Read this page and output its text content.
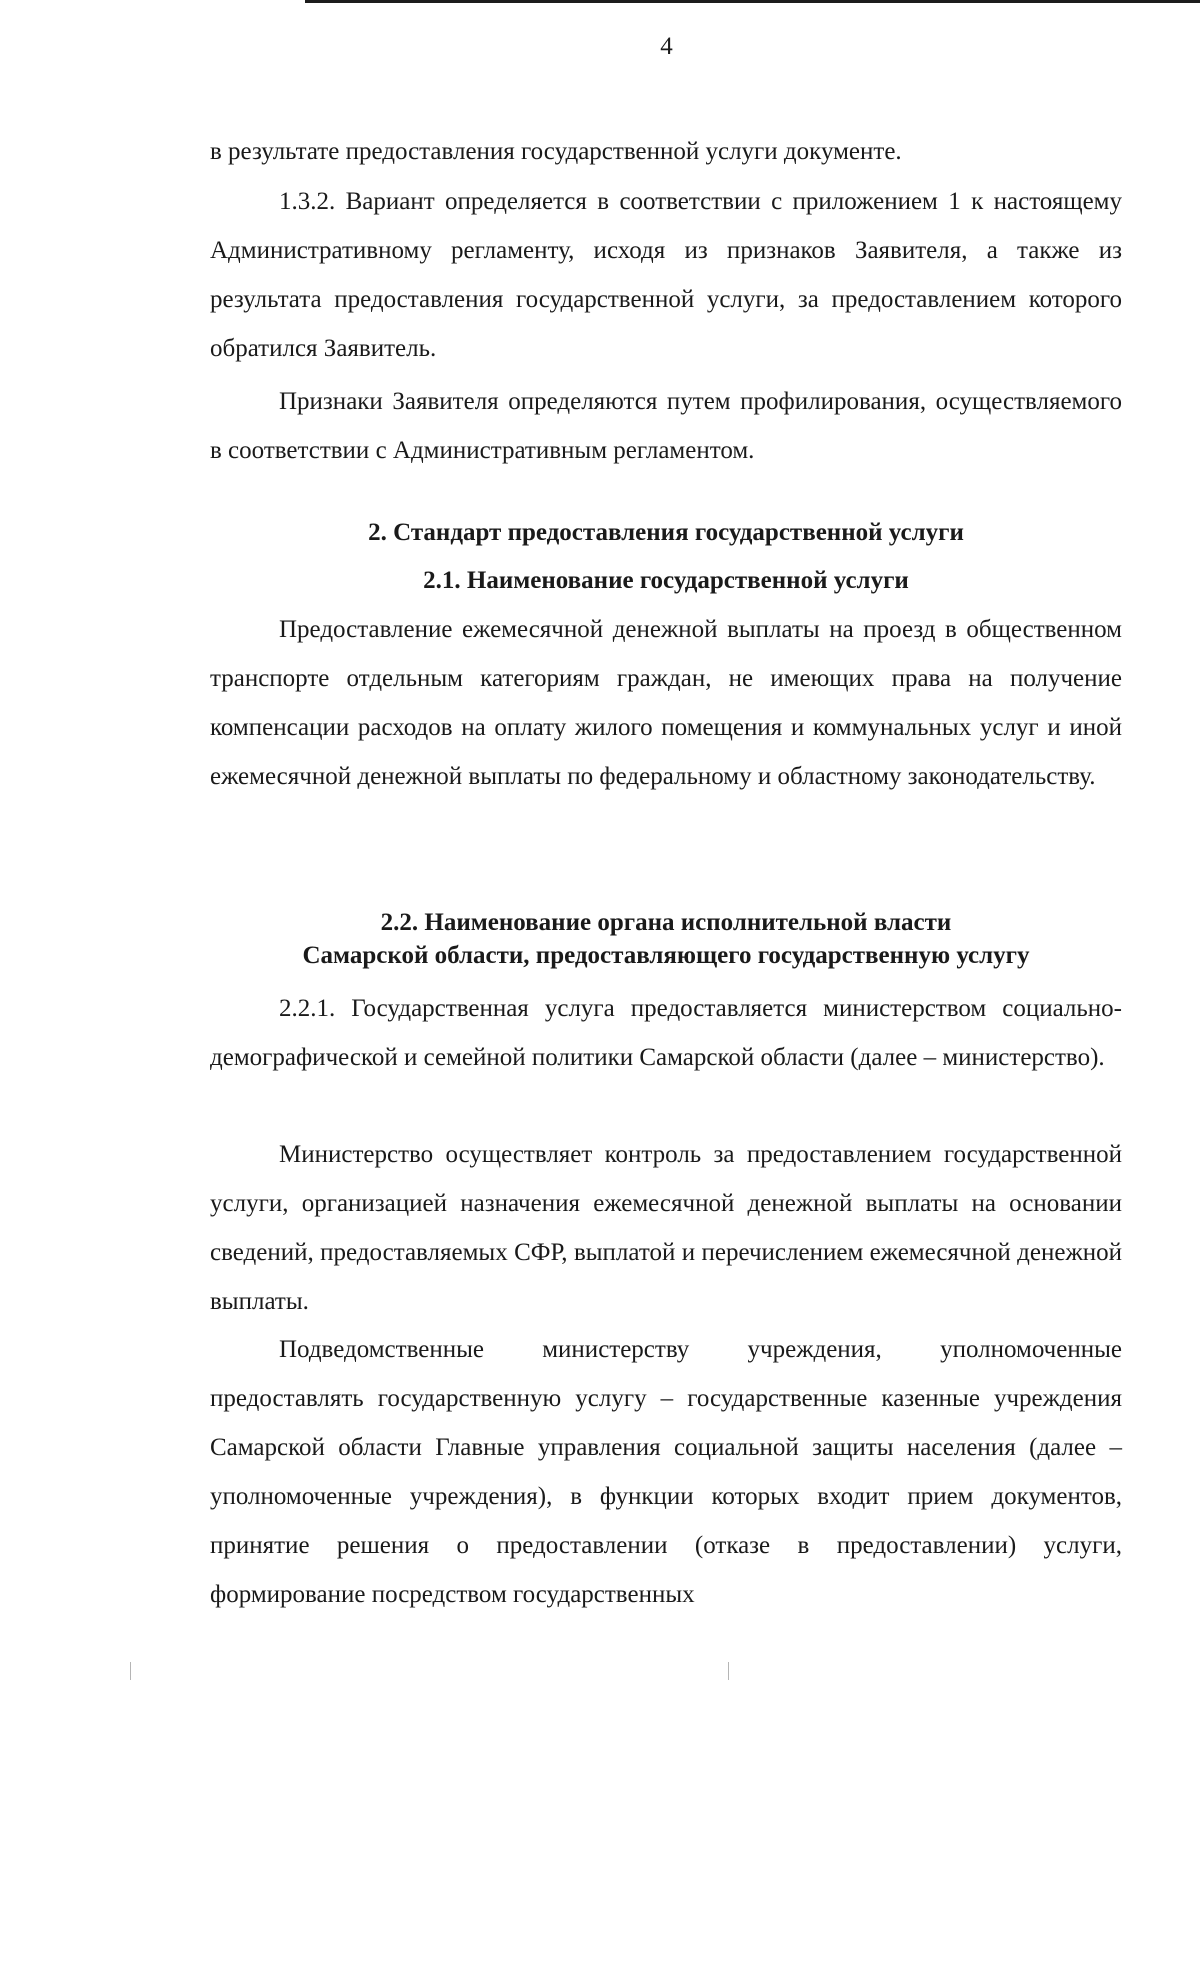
4

в результате предоставления государственной услуги документе.

1.3.2. Вариант определяется в соответствии с приложением 1 к настоящему Административному регламенту, исходя из признаков Заявителя, а также из результата предоставления государственной услуги, за предоставлением которого обратился Заявитель.

Признаки Заявителя определяются путем профилирования, осуществляемого в соответствии с Административным регламентом.

2. Стандарт предоставления государственной услуги
2.1. Наименование государственной услуги

Предоставление ежемесячной денежной выплаты на проезд в общественном транспорте отдельным категориям граждан, не имеющих права на получение компенсации расходов на оплату жилого помещения и коммунальных услуг и иной ежемесячной денежной выплаты по федеральному и областному законодательству.

2.2. Наименование органа исполнительной власти
Самарской области, предоставляющего государственную услугу

2.2.1. Государственная услуга предоставляется министерством социально-демографической и семейной политики Самарской области (далее – министерство).

Министерство осуществляет контроль за предоставлением государственной услуги, организацией назначения ежемесячной денежной выплаты на основании сведений, предоставляемых СФР, выплатой и перечислением ежемесячной денежной выплаты.

Подведомственные министерству учреждения, уполномоченные предоставлять государственную услугу – государственные казенные учреждения Самарской области Главные управления социальной защиты населения (далее – уполномоченные учреждения), в функции которых входит прием документов, принятие решения о предоставлении (отказе в предоставлении) услуги, формирование посредством государственных
